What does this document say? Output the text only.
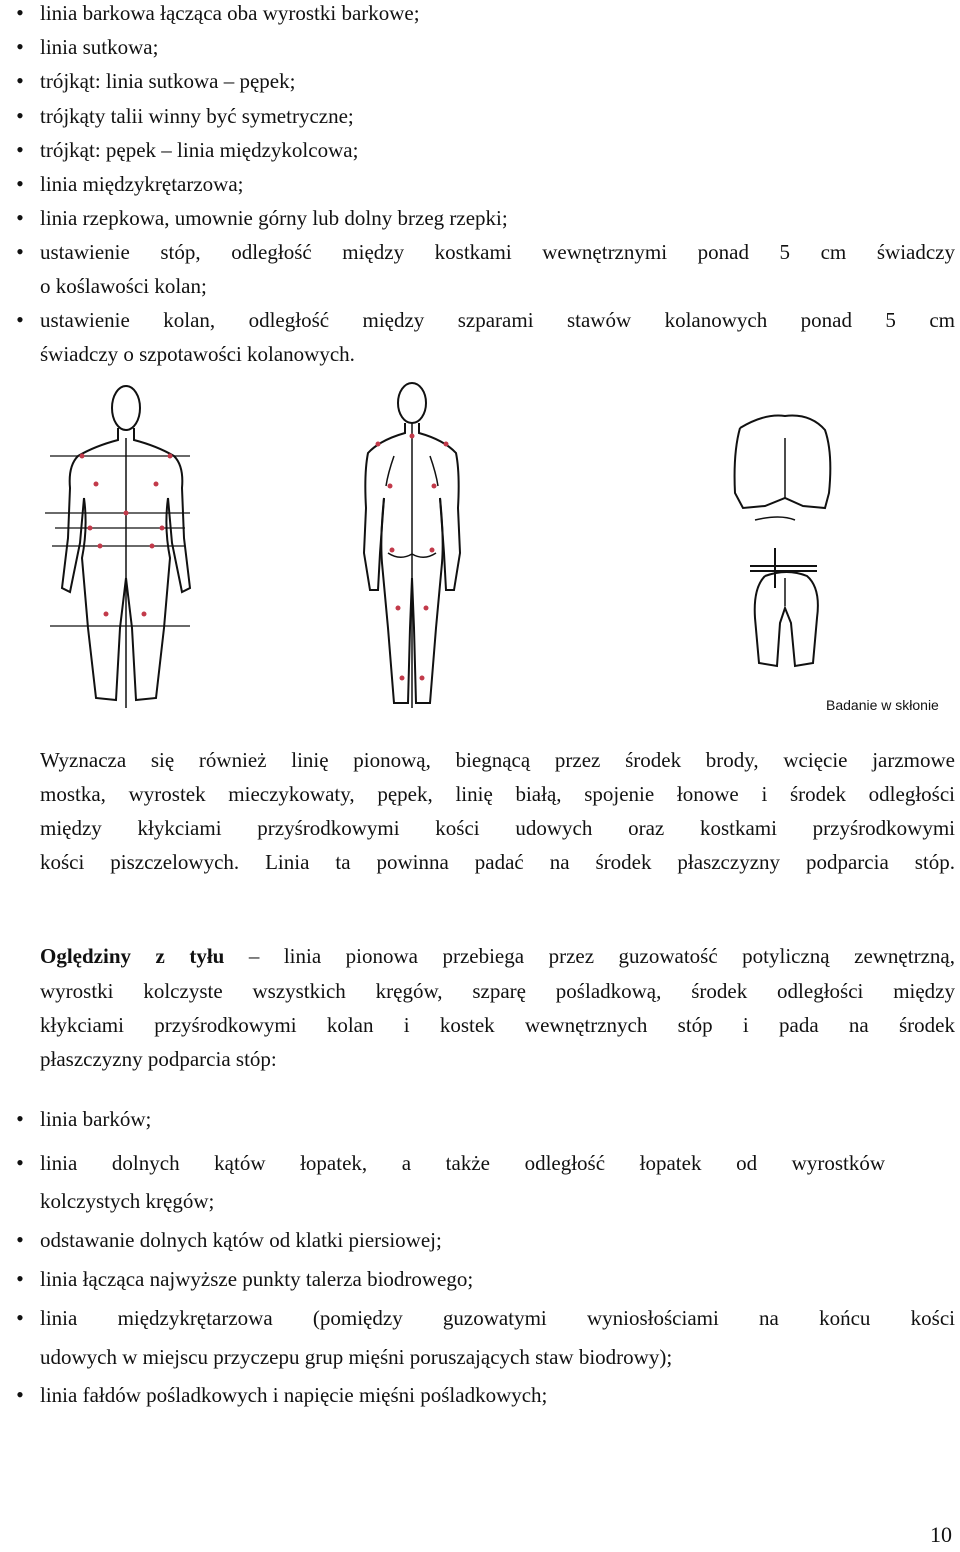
• linia barkowa łącząca oba wyrostki barkowe;
• linia sutkowa;
• trójkąt: linia sutkowa – pępek;
• trójkąty talii winny być symetryczne;
• trójkąt: pępek – linia międzykolcowa;
• linia międzykrętarzowa;
• linia rzepkowa, umownie górny lub dolny brzeg rzepki;
• ustawienie stóp, odległość między kostkami wewnętrznymi ponad 5 cm świadczy
o koślawości kolan;
• ustawienie kolan, odległość między szparami stawów kolanowych ponad 5 cm
świadczy o szpotawości kolanowych.
Badanie w skłonie
Wyznacza się również linię pionową, biegnącą przez środek brody, wcięcie jarzmowe
mostka, wyrostek mieczykowaty, pępek, linię białą, spojenie łonowe i środek odległości
między kłykciami przyśrodkowymi kości udowych oraz kostkami przyśrodkowymi
kości piszczelowych. Linia ta powinna padać na środek płaszczyzny podparcia stóp.
Oględziny z tyłu – linia pionowa przebiega przez guzowatość potyliczną zewnętrzną,
wyrostki kolczyste wszystkich kręgów, szparę pośladkową, środek odległości między
kłykciami przyśrodkowymi kolan i kostek wewnętrznych stóp i pada na środek
płaszczyzny podparcia stóp:
• linia barków;
• linia dolnych kątów łopatek, a także odległość łopatek od wyrostków
kolczystych kręgów;
• odstawanie dolnych kątów od klatki piersiowej;
• linia łącząca najwyższe punkty talerza biodrowego;
• linia międzykrętarzowa (pomiędzy guzowatymi wyniosłościami na końcu kości
udowych w miejscu przyczepu grup mięśni poruszających staw biodrowy);
• linia fałdów pośladkowych i napięcie mięśni pośladkowych;
10
